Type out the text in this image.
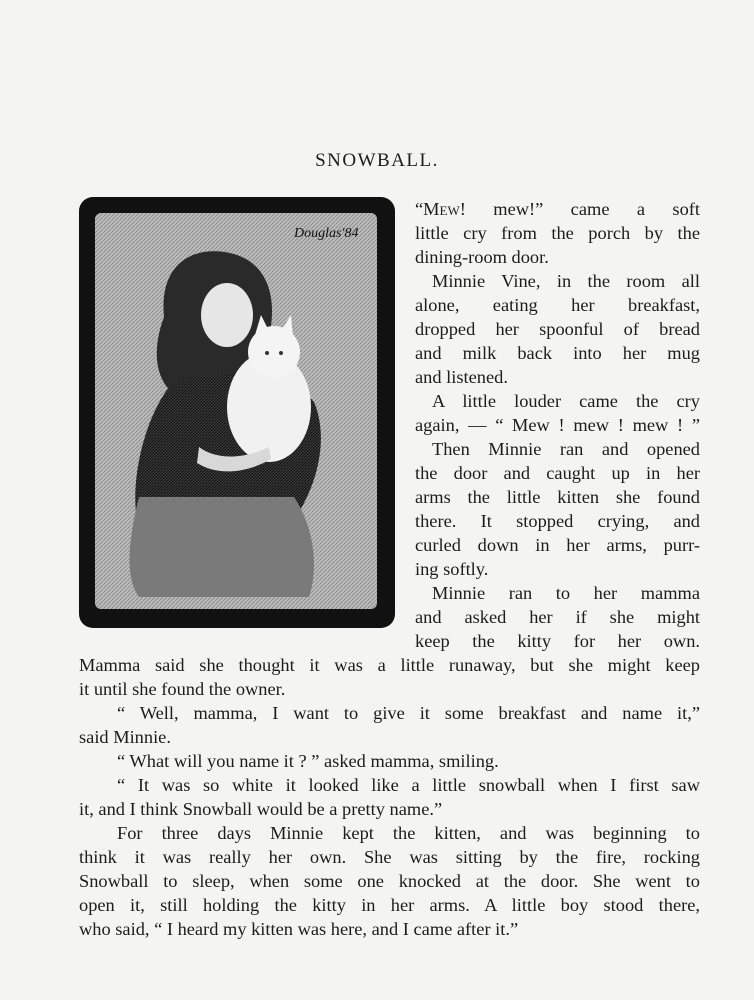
SNOWBALL.
Douglas'84
“Mew! mew!” came a soft
little cry from the porch by the
dining-room door.
Minnie Vine, in the room all
alone, eating her breakfast,
dropped her spoonful of bread
and milk back into her mug
and listened.
A little louder came the cry
again, — “ Mew ! mew ! mew ! ”
Then Minnie ran and opened
the door and caught up in her
arms the little kitten she found
there. It stopped crying, and
curled down in her arms, purr-
ing softly.
Minnie ran to her mamma
and asked her if she might
keep the kitty for her own.
Mamma said she thought it was a little runaway, but she might keep
it until she found the owner.
“ Well, mamma, I want to give it some breakfast and name it,”
said Minnie.
“ What will you name it ? ” asked mamma, smiling.
“ It was so white it looked like a little snowball when I first saw
it, and I think Snowball would be a pretty name.”
For three days Minnie kept the kitten, and was beginning to
think it was really her own. She was sitting by the fire, rocking
Snowball to sleep, when some one knocked at the door. She went to
open it, still holding the kitty in her arms. A little boy stood there,
who said, “ I heard my kitten was here, and I came after it.”
